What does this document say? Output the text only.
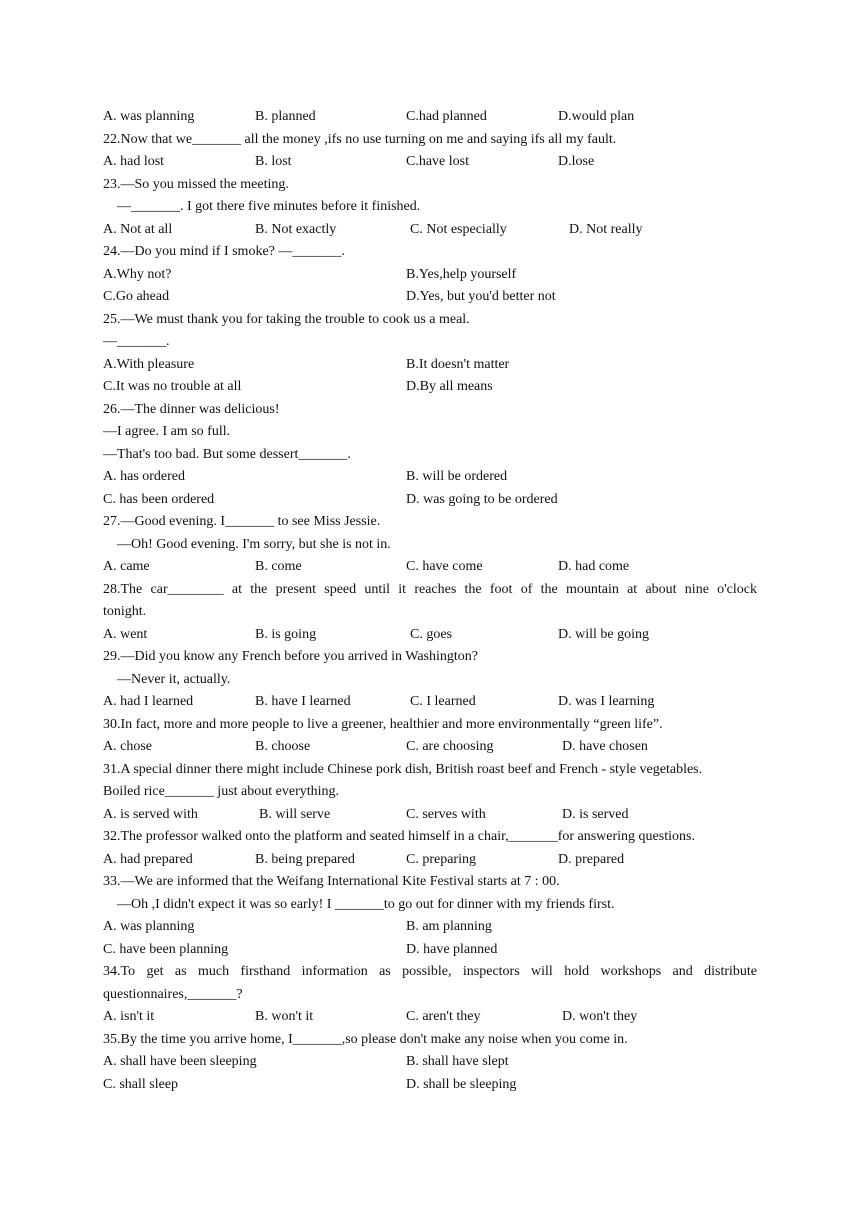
A. was planning	B. planned	C.had planned	D.would plan
22.Now that we_______ all the money ,ifs no use turning on me and saying ifs all my fault.
A. had lost	B. lost	C.have lost	D.lose
23.—So you missed the meeting.
—_______. I got there five minutes before it finished.
A. Not at all	B. Not exactly	C. Not especially	D. Not really
24.—Do you mind if I smoke? —_______.
A.Why not?	B.Yes,help yourself
C.Go ahead	D.Yes, but you'd better not
25.—We must thank you for taking the trouble to cook us a meal.
—_______.
A.With pleasure	B.It doesn't matter
C.It was no trouble at all	D.By all means
26.—The dinner was delicious!
—I agree. I am so full.
—That's too bad. But some dessert_______.
A. has ordered	B. will be ordered
C. has been ordered	D. was going to be ordered
27.—Good evening. I_______ to see Miss Jessie.
—Oh! Good evening. I'm sorry, but she is not in.
A. came	B. come	C. have come	D. had come
28.The car________ at the present speed until it reaches the foot of the mountain at about nine o'clock
tonight.
A. went	B. is going	C. goes	D. will be going
29.—Did you know any French before you arrived in Washington?
—Never it, actually.
A. had I learned	B. have I learned	C. I learned	D. was I learning
30.In fact, more and more people to live a greener, healthier and more environmentally “green life”.
A. chose	B. choose	C. are choosing	D. have chosen
31.A special dinner there might include Chinese pork dish, British roast beef and French - style vegetables.
Boiled rice_______ just about everything.
A. is served with	B. will serve	C. serves with	D. is served
32.The professor walked onto the platform and seated himself in a chair,_______for answering questions.
A. had prepared	B. being prepared	C. preparing	D. prepared
33.—We are informed that the Weifang International Kite Festival starts at 7 : 00.
—Oh ,I didn't expect it was so early! I _______to go out for dinner with my friends first.
A. was planning	B. am planning
C. have been planning	D. have planned
34.To get as much firsthand information as possible, inspectors will hold workshops and distribute
questionnaires,_______?
A. isn't it	B. won't it	C. aren't they	D. won't they
35.By the time you arrive home, I_______,so please don't make any noise when you come in.
A. shall have been sleeping	B. shall have slept
C. shall sleep	D. shall be sleeping
